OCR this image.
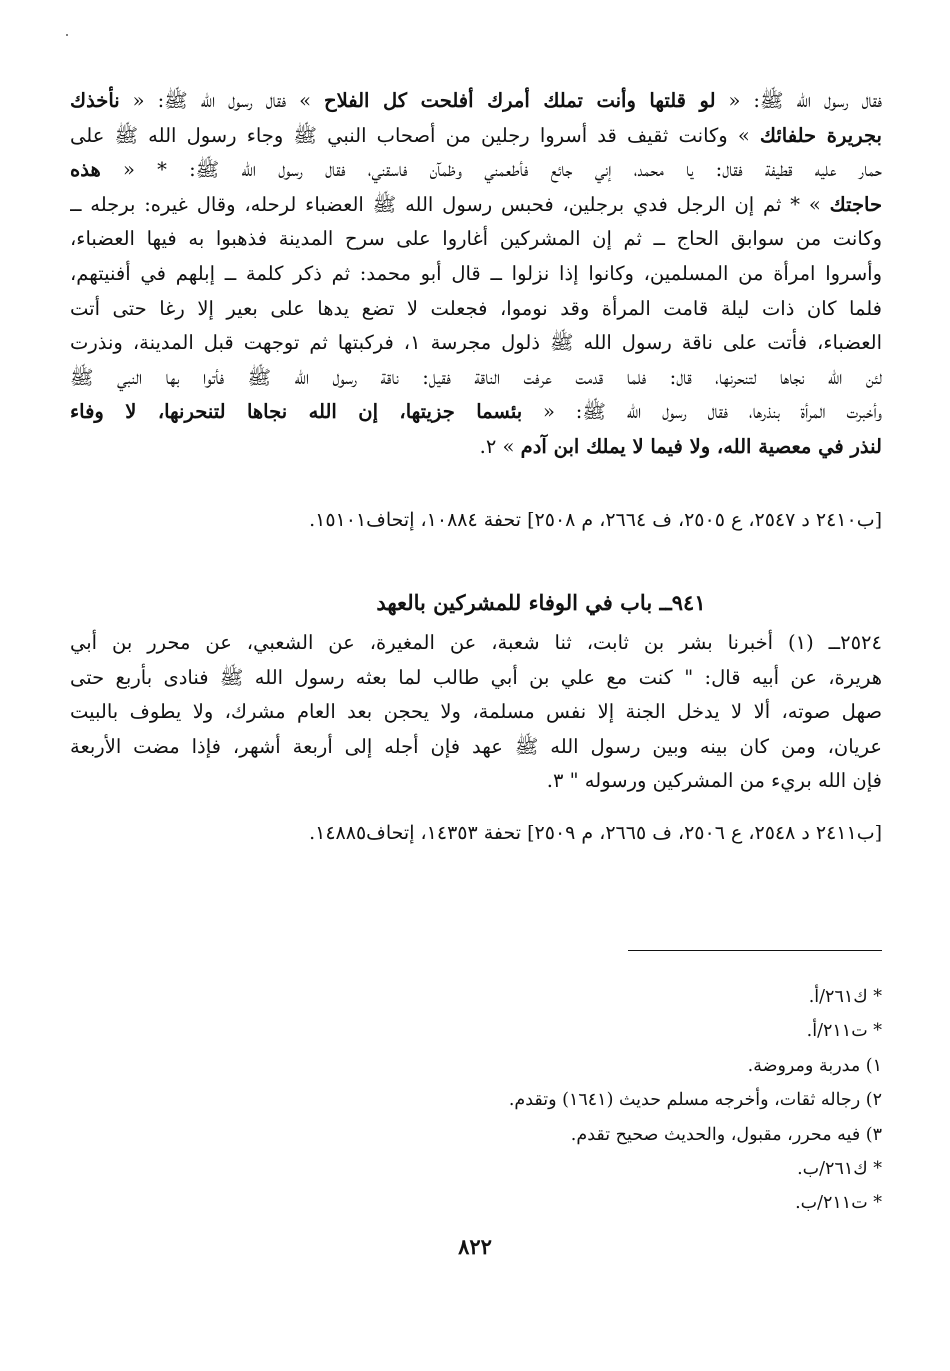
فقال رسول الله ﷺ: « لو قلتها وأنت تملك أمرك أفلحت كل الفلاح » فقال رسول الله ﷺ: « نأخذك

بجريرة حلفائك » وكانت ثقيف قد أسروا رجلين من أصحاب النبي ﷺ وجاء رسول الله ﷺ على

حمار عليه قطيفة فقال: يا محمد، إني جائع فأطعمني وظمآن فاسقني، فقال رسول الله ﷺ: * « هذه

حاجتك » * ثم إن الرجل فدي برجلين، فحبس رسول الله ﷺ العضباء لرحله، وقال غيره: برجله ــ

وكانت من سوابق الحاج ــ ثم إن المشركين أغاروا على سرح المدينة فذهبوا به فيها العضباء،

وأسروا امرأة من المسلمين، وكانوا إذا نزلوا ــ قال أبو محمد: ثم ذكر كلمة ــ إبلهم في أفنيتهم،

فلما كان ذات ليلة قامت المرأة وقد نوموا، فجعلت لا تضع يدها على بعير إلا رغا حتى أتت

العضباء، فأتت على ناقة رسول الله ﷺ ذلول مجرسة ١، فركبتها ثم توجهت قبل المدينة، ونذرت

لئن الله نجاها لتنحرنها، قال: فلما قدمت عرفت الناقة فقيل: ناقة رسول الله ﷺ فأتوا بها النبي ﷺ

وأخبرت المرأة بنذرها، فقال رسول الله ﷺ: « بئسما جزيتها، إن الله نجاها لتنحرنها، لا وفاء

لنذر في معصية الله، ولا فيما لا يملك ابن آدم » ٢.

[ب٢٤١٠ د ٢٥٤٧، ع ٢٥٠٥، ف ٢٦٦٤، م ٢٥٠٨] تحفة ١٠٨٨٤، إتحاف١٥١٠١.
٩٤١ــ باب في الوفاء للمشركين بالعهد

٢٥٢٤ــ (١) أخبرنا بشر بن ثابت، ثنا شعبة، عن المغيرة، عن الشعبي، عن محرر بن أبي

هريرة، عن أبيه قال: " كنت مع علي بن أبي طالب لما بعثه رسول الله ﷺ فنادى بأربع حتى

صهل صوته، ألا لا يدخل الجنة إلا نفس مسلمة، ولا يحجن بعد العام مشرك، ولا يطوف بالبيت

عريان، ومن كان بينه وبين رسول الله ﷺ عهد فإن أجله إلى أربعة أشهر، فإذا مضت الأربعة

فإن الله بريء من المشركين ورسوله " ٣.

[ب٢٤١١ د ٢٥٤٨، ع ٢٥٠٦، ف ٢٦٦٥، م ٢٥٠٩] تحفة ١٤٣٥٣، إتحاف١٤٨٨٥.
* ك٢٦١/أ.
* ت٢١١/أ.
١) مدربة ومروضة.
٢) رجاله ثقات، وأخرجه مسلم حديث (١٦٤١) وتقدم.
٣) فيه محرر، مقبول، والحديث صحيح تقدم.
* ك٢٦١/ب.
* ت٢١١/ب.
٨٢٢
